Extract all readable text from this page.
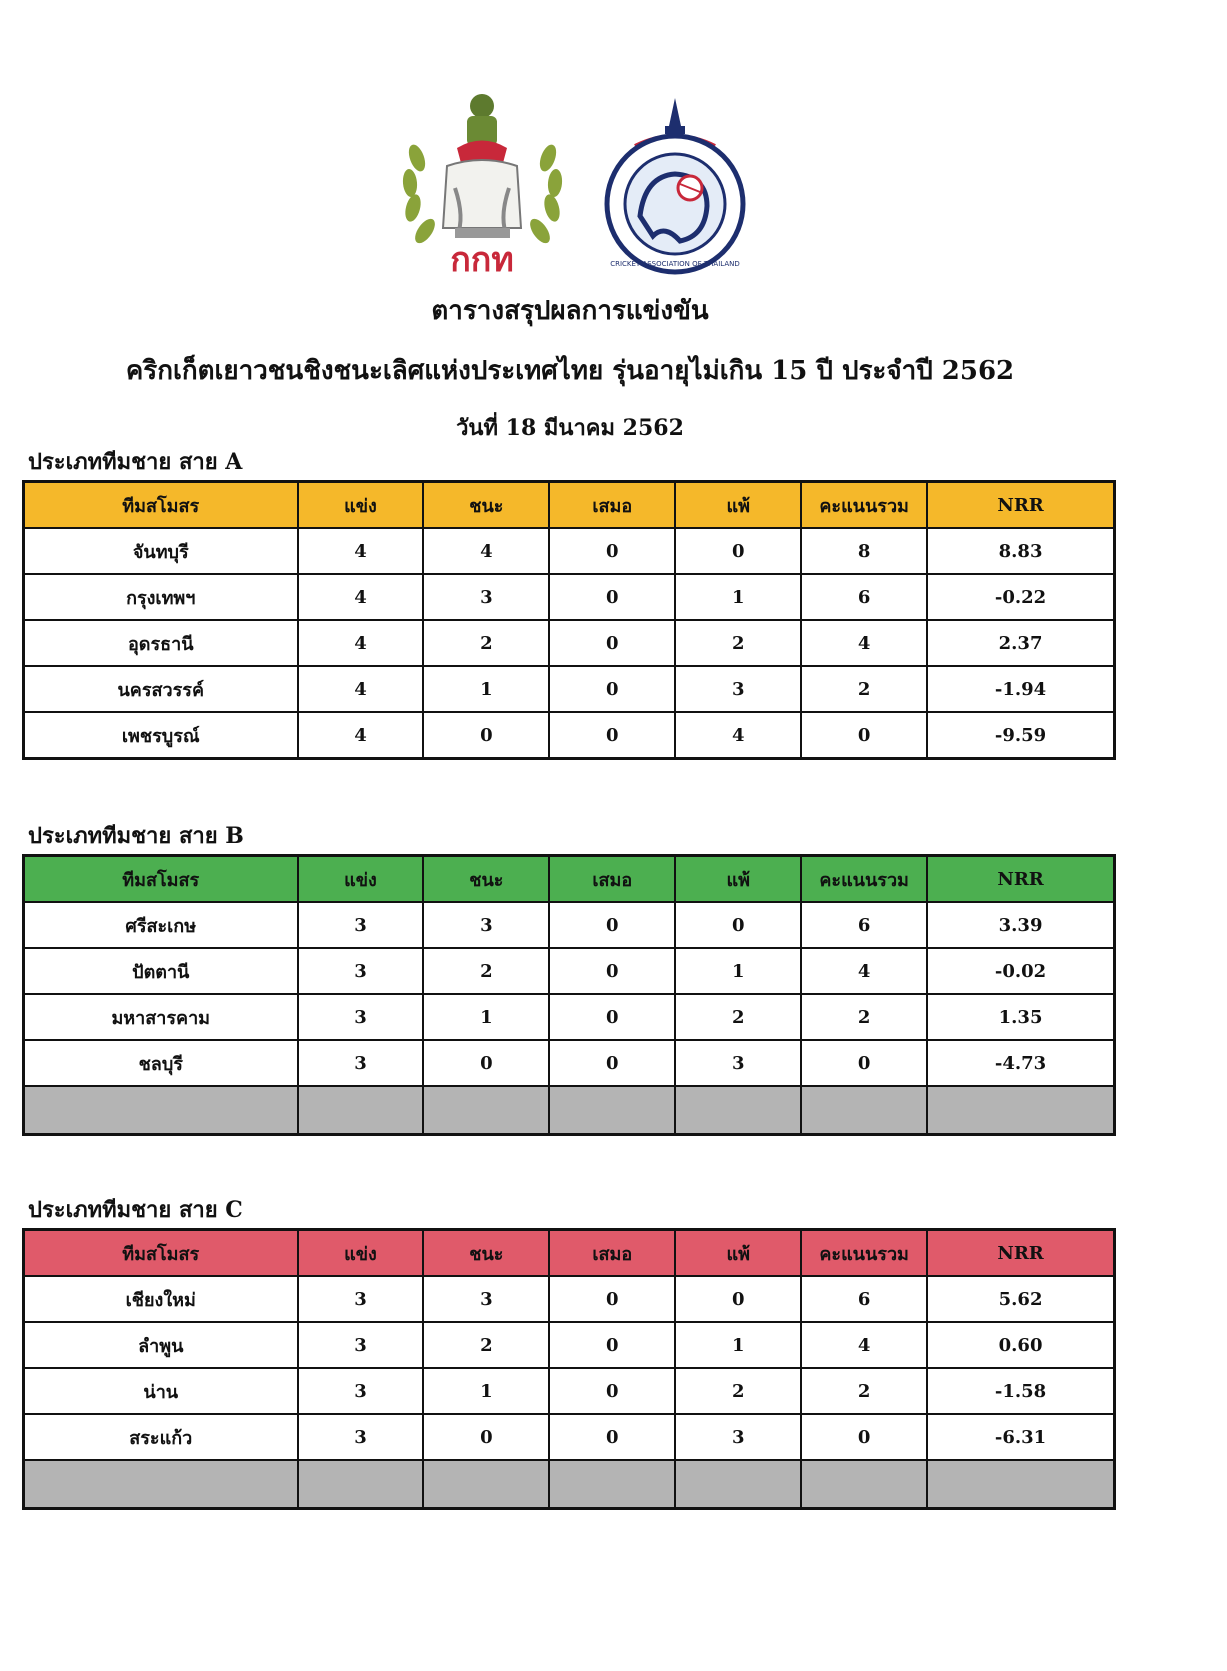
กกท	CRICKET ASSOCIATION OF THAILAND
ตารางสรุปผลการแข่งขัน
คริกเก็ตเยาวชนชิงชนะเลิศแห่งประเทศไทย รุ่นอายุไม่เกิน 15 ปี ประจำปี 2562
วันที่ 18 มีนาคม 2562
ประเภททีมชาย สาย A
ทีมสโมสร	แข่ง	ชนะ	เสมอ	แพ้	คะแนนรวม	NRR
จันทบุรี	4	4	0	0	8	8.83
กรุงเทพฯ	4	3	0	1	6	-0.22
อุดรธานี	4	2	0	2	4	2.37
นครสวรรค์	4	1	0	3	2	-1.94
เพชรบูรณ์	4	0	0	4	0	-9.59
ประเภททีมชาย สาย B
ทีมสโมสร	แข่ง	ชนะ	เสมอ	แพ้	คะแนนรวม	NRR
ศรีสะเกษ	3	3	0	0	6	3.39
ปัตตานี	3	2	0	1	4	-0.02
มหาสารคาม	3	1	0	2	2	1.35
ชลบุรี	3	0	0	3	0	-4.73

ประเภททีมชาย สาย C
ทีมสโมสร	แข่ง	ชนะ	เสมอ	แพ้	คะแนนรวม	NRR
เชียงใหม่	3	3	0	0	6	5.62
ลำพูน	3	2	0	1	4	0.60
น่าน	3	1	0	2	2	-1.58
สระแก้ว	3	0	0	3	0	-6.31
